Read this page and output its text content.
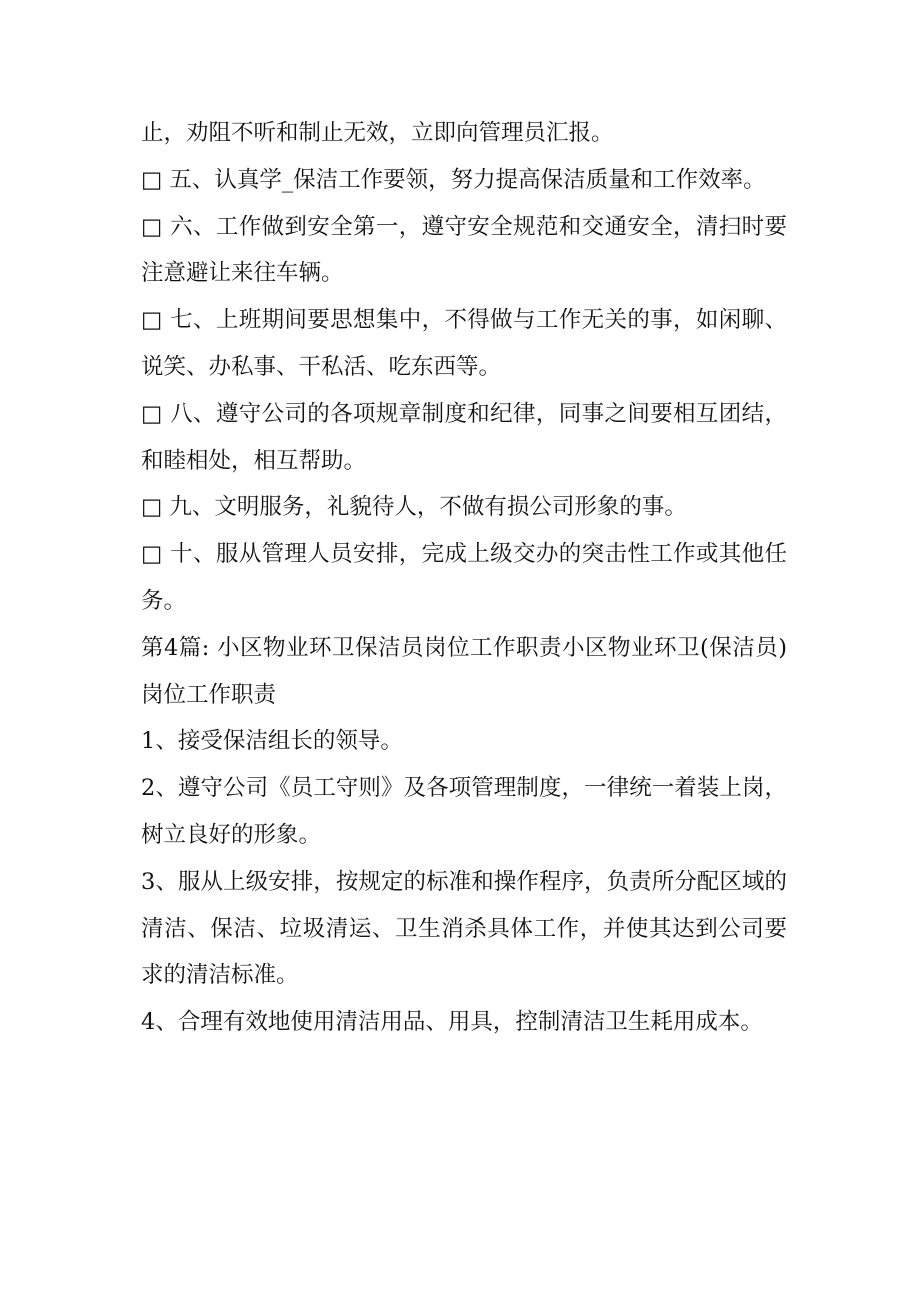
止，劝阻不听和制止无效，立即向管理员汇报。

□ 五、认真学_保洁工作要领，努力提高保洁质量和工作效率。

□ 六、工作做到安全第一，遵守安全规范和交通安全，清扫时要注意避让来往车辆。

□ 七、上班期间要思想集中，不得做与工作无关的事，如闲聊、说笑、办私事、干私活、吃东西等。

□ 八、遵守公司的各项规章制度和纪律，同事之间要相互团结，和睦相处，相互帮助。

□ 九、文明服务，礼貌待人，不做有损公司形象的事。

□ 十、服从管理人员安排，完成上级交办的突击性工作或其他任务。

第4篇: 小区物业环卫保洁员岗位工作职责小区物业环卫(保洁员)岗位工作职责

1、接受保洁组长的领导。

2、遵守公司《员工守则》及各项管理制度，一律统一着装上岗，树立良好的形象。

3、服从上级安排，按规定的标准和操作程序，负责所分配区域的清洁、保洁、垃圾清运、卫生消杀具体工作，并使其达到公司要求的清洁标准。

4、合理有效地使用清洁用品、用具，控制清洁卫生耗用成本。
